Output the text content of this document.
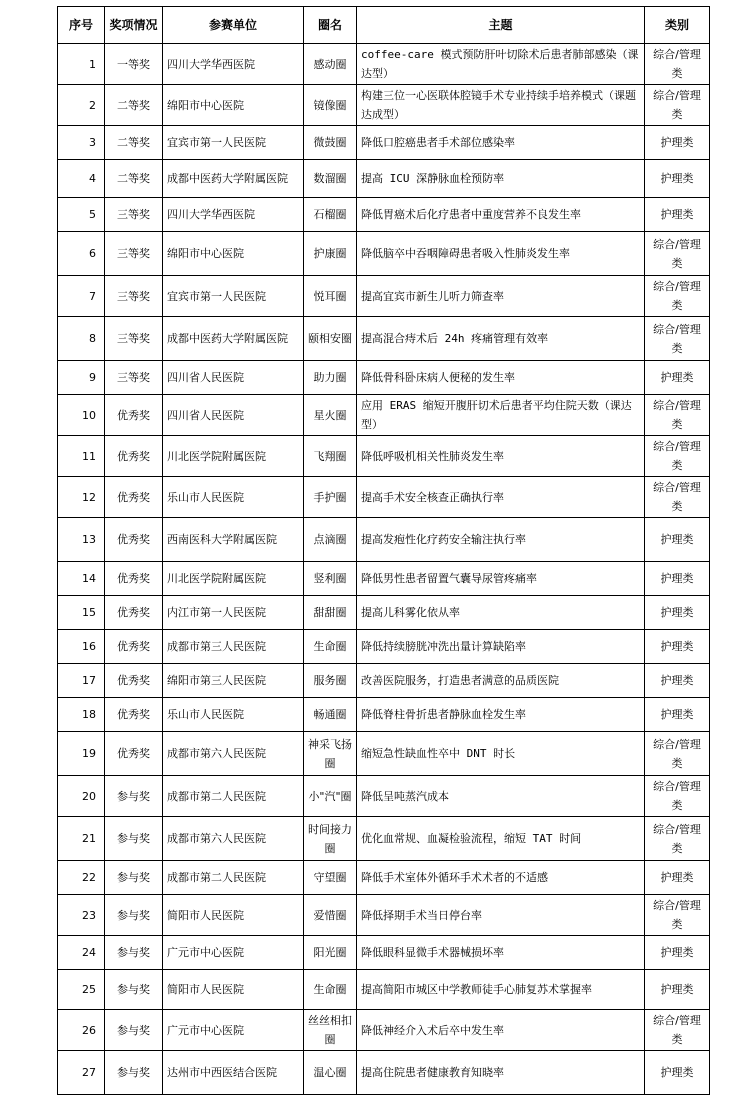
序号	奖项情况	参赛单位	圈名	主题	类别
1	一等奖	四川大学华西医院	感动圈	coffee-care 模式预防肝叶切除术后患者肺部感染（课达型）	综合/管理类
2	二等奖	绵阳市中心医院	镜像圈	构建三位一心医联体腔镜手术专业持续手培养模式（课题达成型）	综合/管理类
3	二等奖	宜宾市第一人民医院	微鼓圈	降低口腔癌患者手术部位感染率	护理类
4	二等奖	成都中医药大学附属医院	数溜圈	提高 ICU 深静脉血栓预防率	护理类
5	三等奖	四川大学华西医院	石榴圈	降低胃癌术后化疗患者中重度营养不良发生率	护理类
6	三等奖	绵阳市中心医院	护康圈	降低脑卒中吞咽障碍患者吸入性肺炎发生率	综合/管理类
7	三等奖	宜宾市第一人民医院	悦耳圈	提高宜宾市新生儿听力筛查率	综合/管理类
8	三等奖	成都中医药大学附属医院	颐相安圈	提高混合痔术后 24h 疼痛管理有效率	综合/管理类
9	三等奖	四川省人民医院	助力圈	降低骨科卧床病人便秘的发生率	护理类
10	优秀奖	四川省人民医院	星火圈	应用 ERAS 缩短开腹肝切术后患者平均住院天数（课达型）	综合/管理类
11	优秀奖	川北医学院附属医院	飞翔圈	降低呼吸机相关性肺炎发生率	综合/管理类
12	优秀奖	乐山市人民医院	手护圈	提高手术安全核查正确执行率	综合/管理类
13	优秀奖	西南医科大学附属医院	点滴圈	提高发疱性化疗药安全输注执行率	护理类
14	优秀奖	川北医学院附属医院	竖利圈	降低男性患者留置气囊导尿管疼痛率	护理类
15	优秀奖	内江市第一人民医院	甜甜圈	提高儿科雾化依从率	护理类
16	优秀奖	成都市第三人民医院	生命圈	降低持续膀胱冲洗出量计算缺陷率	护理类
17	优秀奖	绵阳市第三人民医院	服务圈	改善医院服务，打造患者满意的品质医院	护理类
18	优秀奖	乐山市人民医院	畅通圈	降低脊柱骨折患者静脉血栓发生率	护理类
19	优秀奖	成都市第六人民医院	神采飞扬圈	缩短急性缺血性卒中 DNT 时长	综合/管理类
20	参与奖	成都市第二人民医院	小"汽"圈	降低呈吨蒸汽成本	综合/管理类
21	参与奖	成都市第六人民医院	时间接力圈	优化血常规、血凝检验流程，缩短 TAT 时间	综合/管理类
22	参与奖	成都市第二人民医院	守望圈	降低手术室体外循环手术术者的不适感	护理类
23	参与奖	简阳市人民医院	爱惜圈	降低择期手术当日停台率	综合/管理类
24	参与奖	广元市中心医院	阳光圈	降低眼科显微手术器械损坏率	护理类
25	参与奖	简阳市人民医院	生命圈	提高简阳市城区中学教师徒手心肺复苏术掌握率	护理类
26	参与奖	广元市中心医院	丝丝相扣圈	降低神经介入术后卒中发生率	综合/管理类
27	参与奖	达州市中西医结合医院	温心圈	提高住院患者健康教育知晓率	护理类
